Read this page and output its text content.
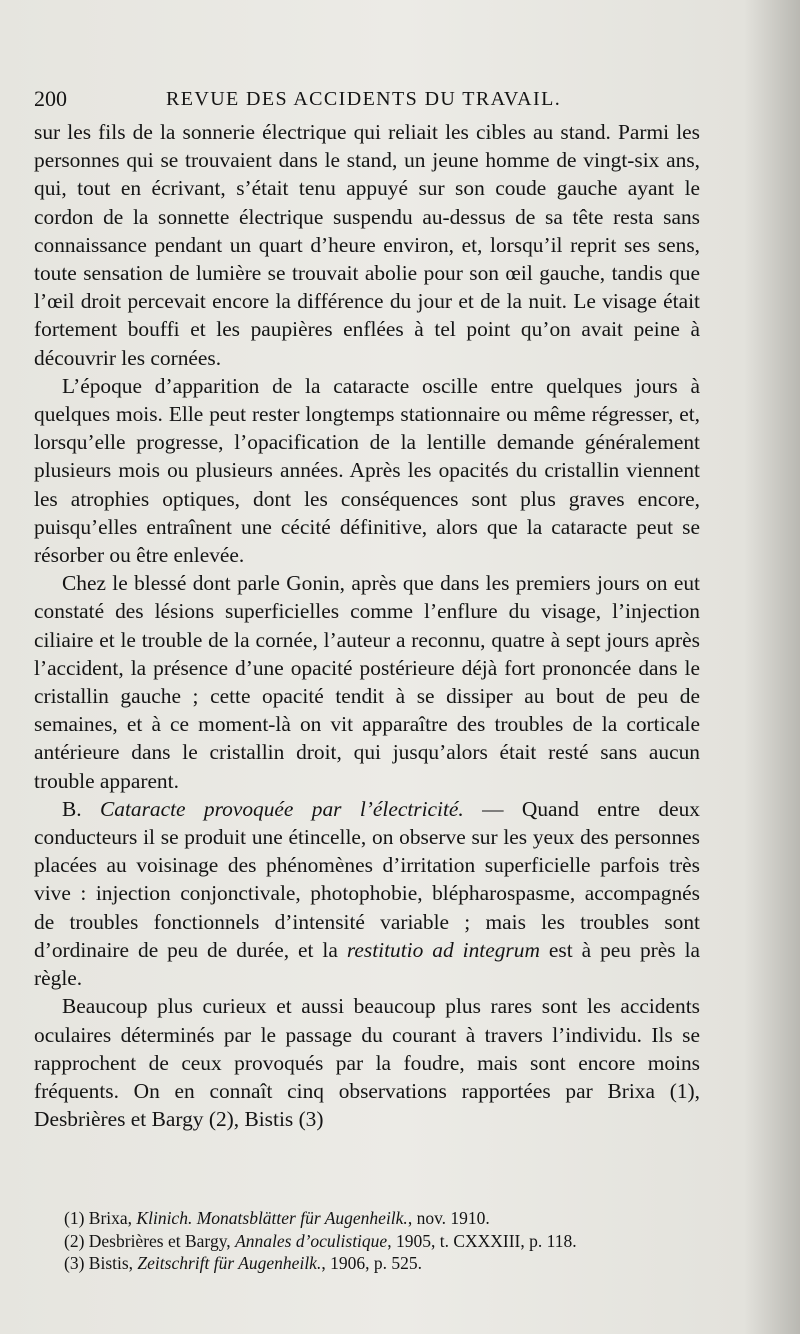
200	REVUE DES ACCIDENTS DU TRAVAIL.

sur les fils de la sonnerie électrique qui reliait les cibles au stand. Parmi les personnes qui se trouvaient dans le stand, un jeune homme de vingt-six ans, qui, tout en écrivant, s’était tenu appuyé sur son coude gauche ayant le cordon de la sonnette électrique suspendu au-dessus de sa tête resta sans connaissance pendant un quart d’heure environ, et, lorsqu’il reprit ses sens, toute sensation de lumière se trouvait abolie pour son œil gauche, tandis que l’œil droit percevait encore la différence du jour et de la nuit. Le visage était fortement bouffi et les paupières enflées à tel point qu’on avait peine à découvrir les cornées.

L’époque d’apparition de la cataracte oscille entre quelques jours à quelques mois. Elle peut rester longtemps stationnaire ou même régresser, et, lorsqu’elle progresse, l’opacification de la lentille demande généralement plusieurs mois ou plusieurs années. Après les opacités du cristallin viennent les atrophies optiques, dont les conséquences sont plus graves encore, puisqu’elles entraînent une cécité définitive, alors que la cataracte peut se résorber ou être enlevée.

Chez le blessé dont parle Gonin, après que dans les premiers jours on eut constaté des lésions superficielles comme l’enflure du visage, l’injection ciliaire et le trouble de la cornée, l’auteur a reconnu, quatre à sept jours après l’accident, la présence d’une opacité postérieure déjà fort prononcée dans le cristallin gauche ; cette opacité tendit à se dissiper au bout de peu de semaines, et à ce moment-là on vit apparaître des troubles de la corticale antérieure dans le cristallin droit, qui jusqu’alors était resté sans aucun trouble apparent.

B. Cataracte provoquée par l’électricité. — Quand entre deux conducteurs il se produit une étincelle, on observe sur les yeux des personnes placées au voisinage des phénomènes d’irritation superficielle parfois très vive : injection conjonctivale, photophobie, blépharospasme, accompagnés de troubles fonctionnels d’intensité variable ; mais les troubles sont d’ordinaire de peu de durée, et la restitutio ad integrum est à peu près la règle.

Beaucoup plus curieux et aussi beaucoup plus rares sont les accidents oculaires déterminés par le passage du courant à travers l’individu. Ils se rapprochent de ceux provoqués par la foudre, mais sont encore moins fréquents. On en connaît cinq observations rapportées par Brixa (1), Desbrières et Bargy (2), Bistis (3)

(1) Brixa, Klinich. Monatsblätter für Augenheilk., nov. 1910.

(2) Desbrières et Bargy, Annales d’oculistique, 1905, t. CXXXIII, p. 118.

(3) Bistis, Zeitschrift für Augenheilk., 1906, p. 525.
